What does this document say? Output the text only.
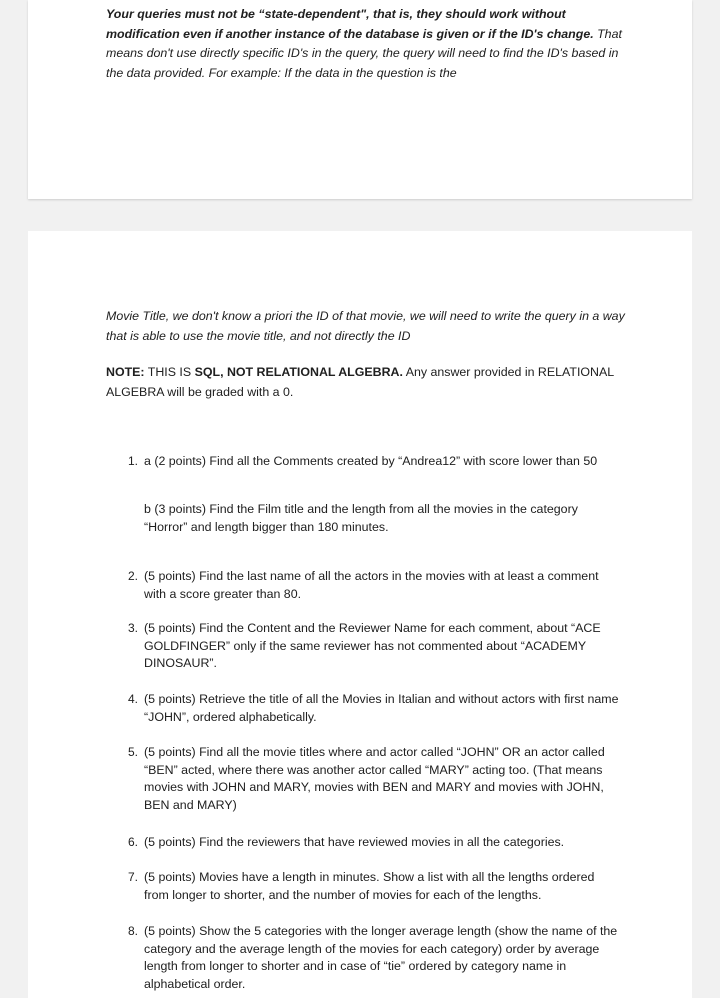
Your queries must not be “state-dependent", that is, they should work without modification even if another instance of the database is given or if the ID's change. That means don't use directly specific ID's in the query, the query will need to find the ID's based in the data provided. For example: If the data in the question is the
Movie Title, we don't know a priori the ID of that movie, we will need to write the query in a way that is able to use the movie title, and not directly the ID
NOTE: THIS IS SQL, NOT RELATIONAL ALGEBRA. Any answer provided in RELATIONAL ALGEBRA will be graded with a 0.
1. a (2 points) Find all the Comments created by “Andrea12” with score lower than 50
b (3 points) Find the Film title and the length from all the movies in the category “Horror” and length bigger than 180 minutes.
2. (5 points) Find the last name of all the actors in the movies with at least a comment with a score greater than 80.
3. (5 points) Find the Content and the Reviewer Name for each comment, about “ACE GOLDFINGER” only if the same reviewer has not commented about “ACADEMY DINOSAUR”.
4. (5 points) Retrieve the title of all the Movies in Italian and without actors with first name “JOHN”, ordered alphabetically.
5. (5 points) Find all the movie titles where and actor called “JOHN” OR an actor called “BEN” acted, where there was another actor called “MARY” acting too. (That means movies with JOHN and MARY, movies with BEN and MARY and movies with JOHN, BEN and MARY)
6. (5 points) Find the reviewers that have reviewed movies in all the categories.
7. (5 points) Movies have a length in minutes. Show a list with all the lengths ordered from longer to shorter, and the number of movies for each of the lengths.
8. (5 points) Show the 5 categories with the longer average length (show the name of the category and the average length of the movies for each category) order by average length from longer to shorter and in case of “tie” ordered by category name in alphabetical order.
